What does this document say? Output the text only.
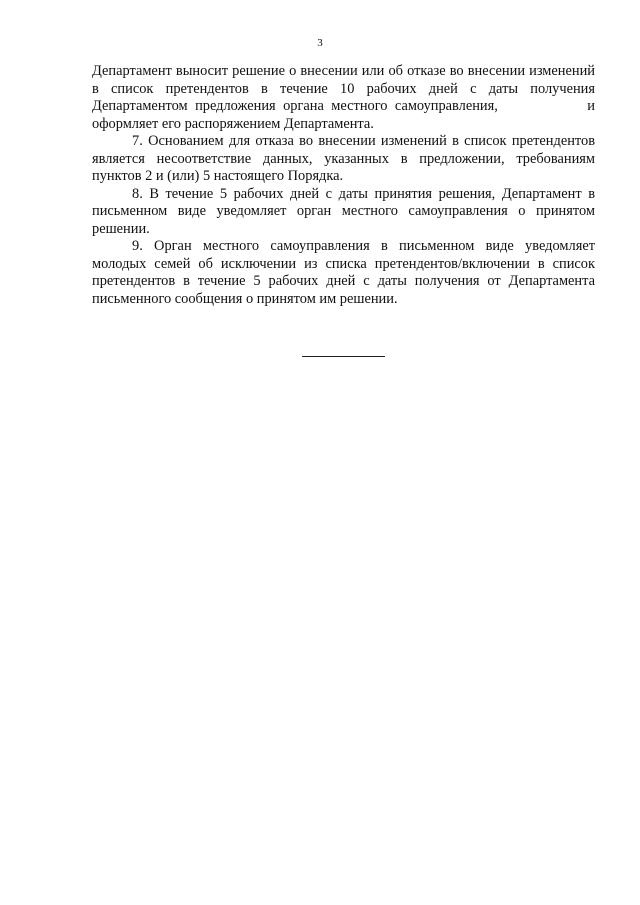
3

Департамент выносит решение о внесении или об отказе во внесении изменений в список претендентов в течение 10 рабочих дней с даты получения Департаментом предложения органа местного самоуправления,	и оформляет его распоряжением Департамента.

7. Основанием для отказа во внесении изменений в список претендентов является несоответствие данных, указанных в предложении, требованиям пунктов 2 и (или) 5 настоящего Порядка.

8. В течение 5 рабочих дней с даты принятия решения, Департамент в письменном виде уведомляет орган местного самоуправления о принятом решении.

9. Орган местного самоуправления в письменном виде уведомляет молодых семей об исключении из списка претендентов/включении в список претендентов в течение 5 рабочих дней с даты получения от Департамента письменного сообщения о принятом им решении.
